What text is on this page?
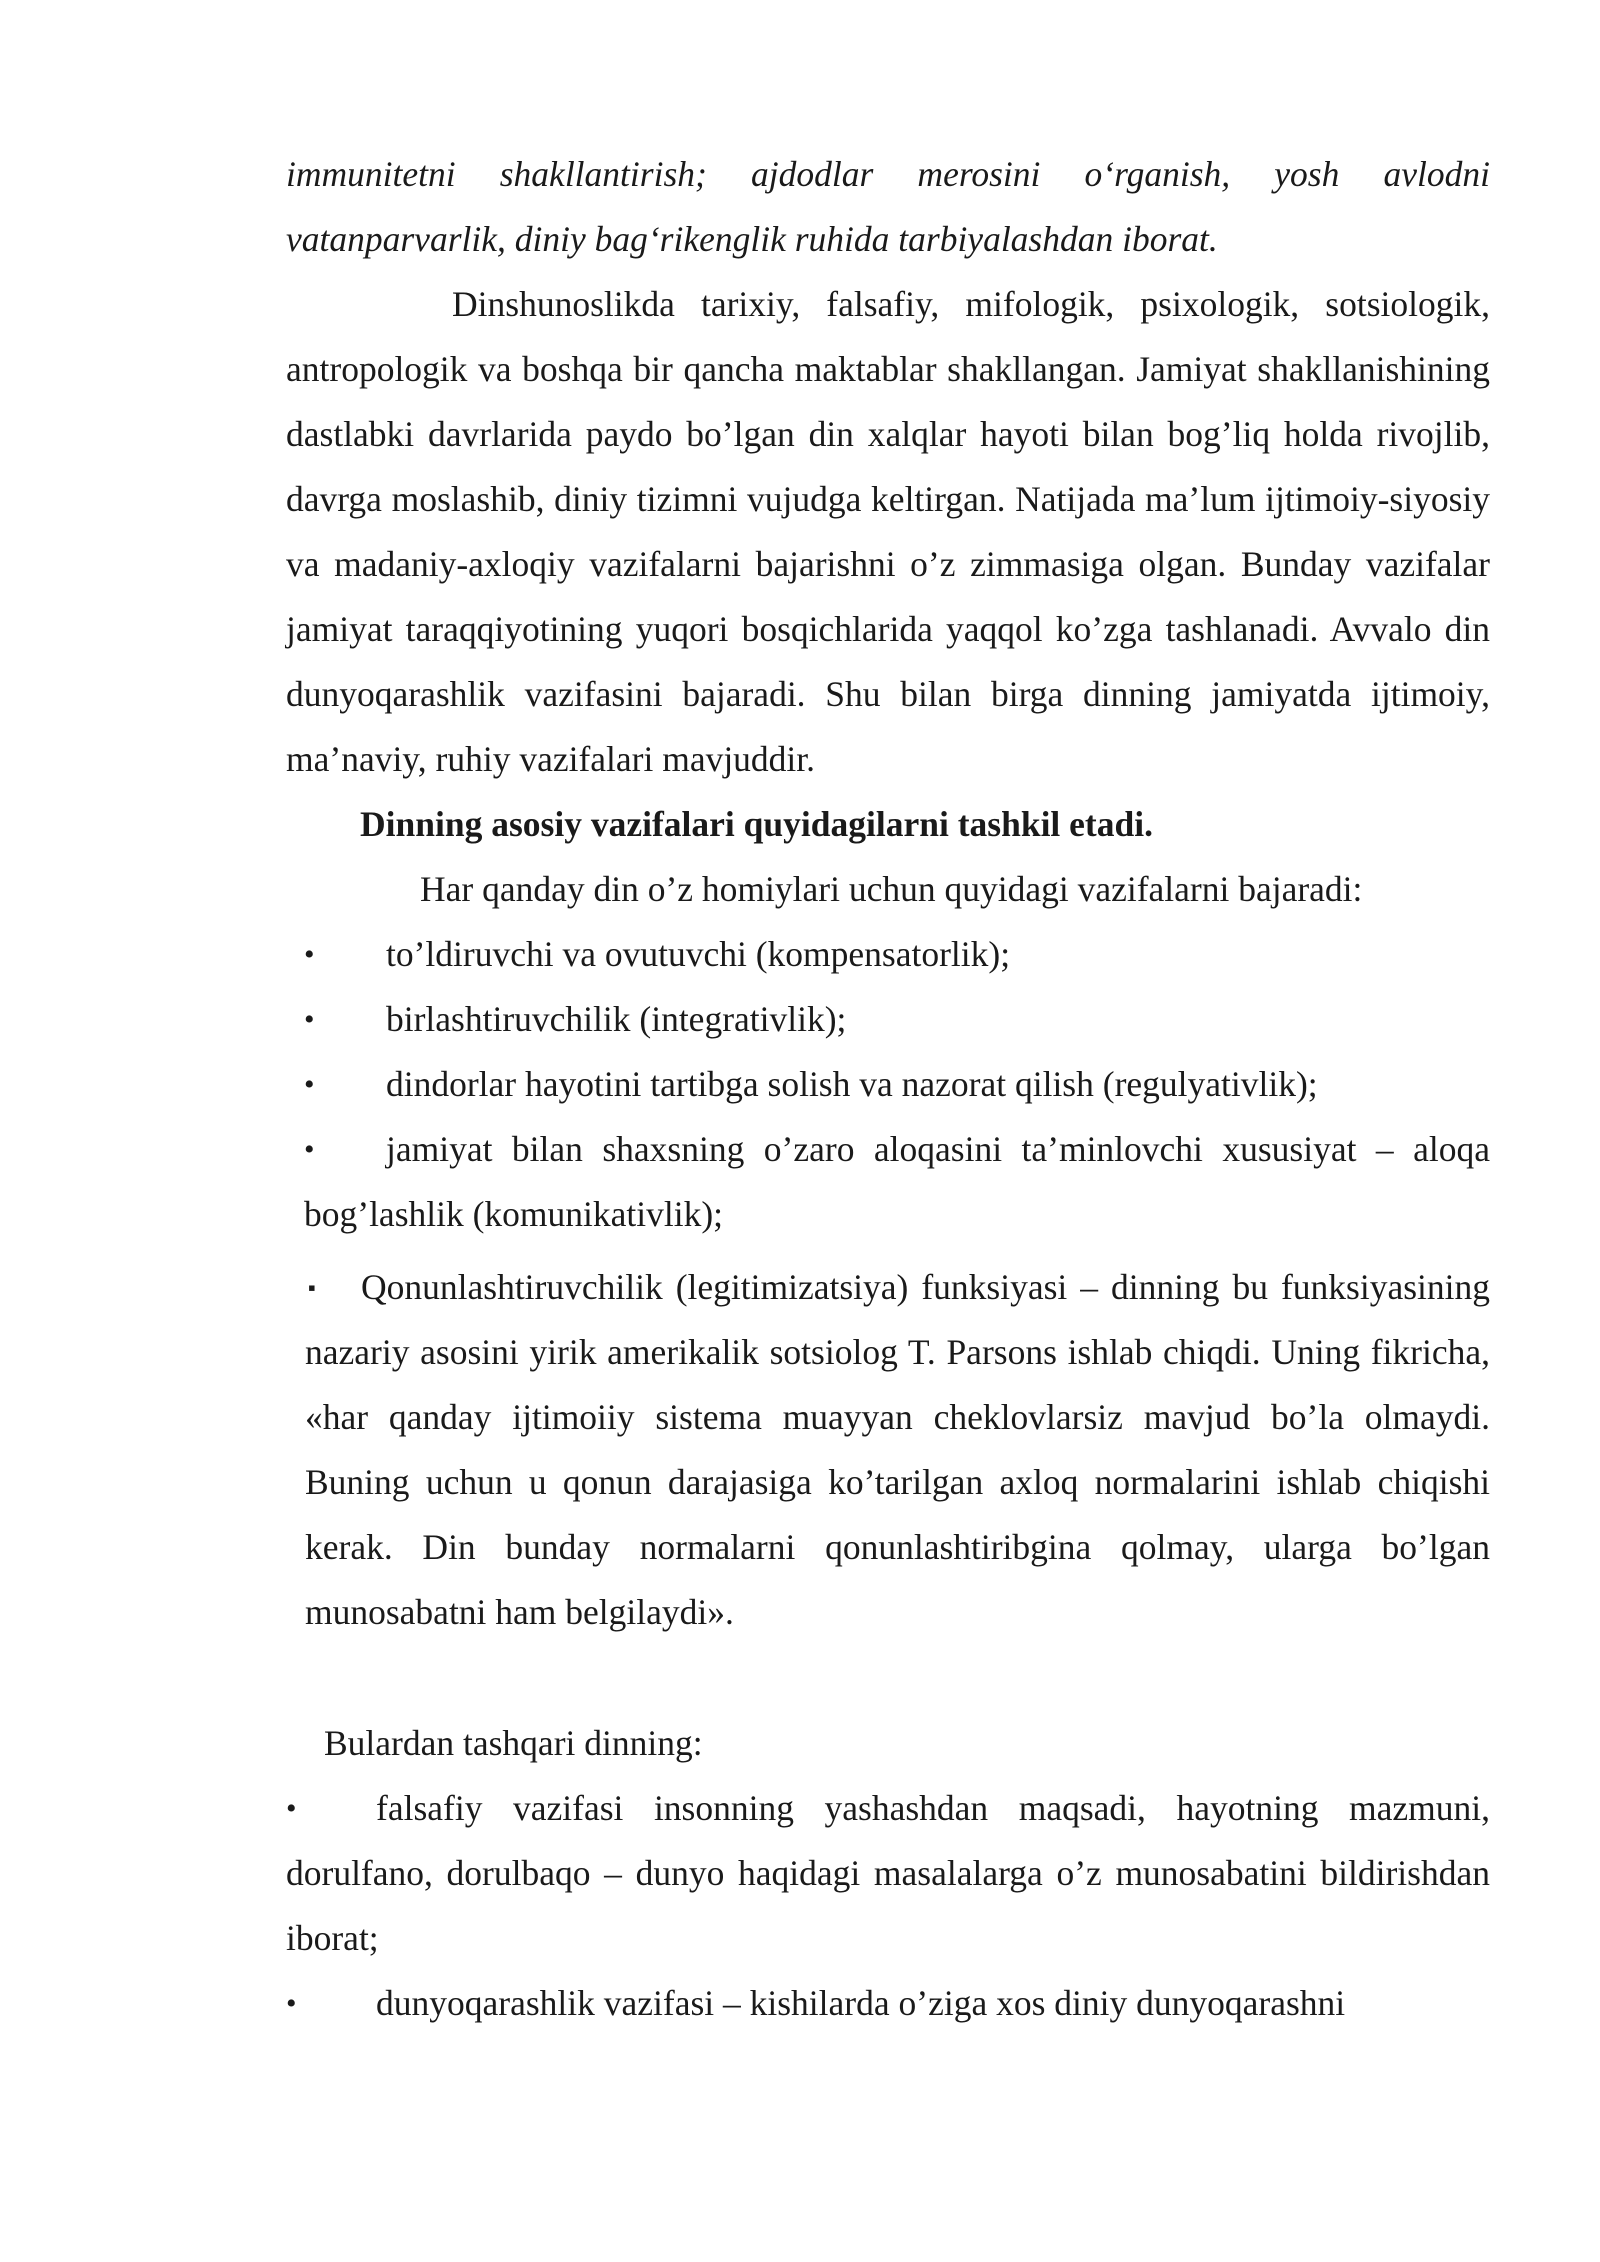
immunitetni shakllantirish; ajdodlar merosini o‘rganish, yosh avlodni vatanparvarlik, diniy bag‘rikenglik ruhida tarbiyalashdan iborat.

Dinshunoslikda tarixiy, falsafiy, mifologik, psixologik, sotsiologik, antropologik va boshqa bir qancha maktablar shakllangan. Jamiyat shakllanishining dastlabki davrlarida paydo bo’lgan din xalqlar hayoti bilan bog’liq holda rivojlib, davrga moslashib, diniy tizimni vujudga keltirgan. Natijada ma’lum ijtimoiy-siyosiy va madaniy-axloqiy vazifalarni bajarishni o’z zimmasiga olgan. Bunday vazifalar jamiyat taraqqiyotining yuqori bosqichlarida yaqqol ko’zga tashlanadi. Avvalo din dunyoqarashlik vazifasini bajaradi. Shu bilan birga dinning jamiyatda ijtimoiy, ma’naviy, ruhiy vazifalari mavjuddir.

Dinning asosiy vazifalari quyidagilarni tashkil etadi.

Har qanday din o’z homiylari uchun quyidagi vazifalarni bajaradi:

• to’ldiruvchi va ovutuvchi (kompensatorlik);

• birlashtiruvchilik (integrativlik);

• dindorlar hayotini tartibga solish va nazorat qilish (regulyativlik);

• jamiyat bilan shaxsning o’zaro aloqasini ta’minlovchi xususiyat – aloqa bog’lashlik (komunikativlik);

▪ Qonunlashtiruvchilik (legitimizatsiya) funksiyasi – dinning bu funksiyasining nazariy asosini yirik amerikalik sotsiolog T. Parsons ishlab chiqdi. Uning fikricha, «har qanday ijtimoiiy sistema muayyan cheklovlarsiz mavjud bo’la olmaydi. Buning uchun u qonun darajasiga ko’tarilgan axloq normalarini ishlab chiqishi kerak. Din bunday normalarni qonunlashtiribgina qolmay, ularga bo’lgan munosabatni ham belgilaydi».

Bulardan tashqari dinning:

• falsafiy vazifasi insonning yashashdan maqsadi, hayotning mazmuni, dorulfano, dorulbaqo – dunyo haqidagi masalalarga o’z munosabatini bildirishdan iborat;

• dunyoqarashlik vazifasi – kishilarda o’ziga xos diniy dunyoqarashni
